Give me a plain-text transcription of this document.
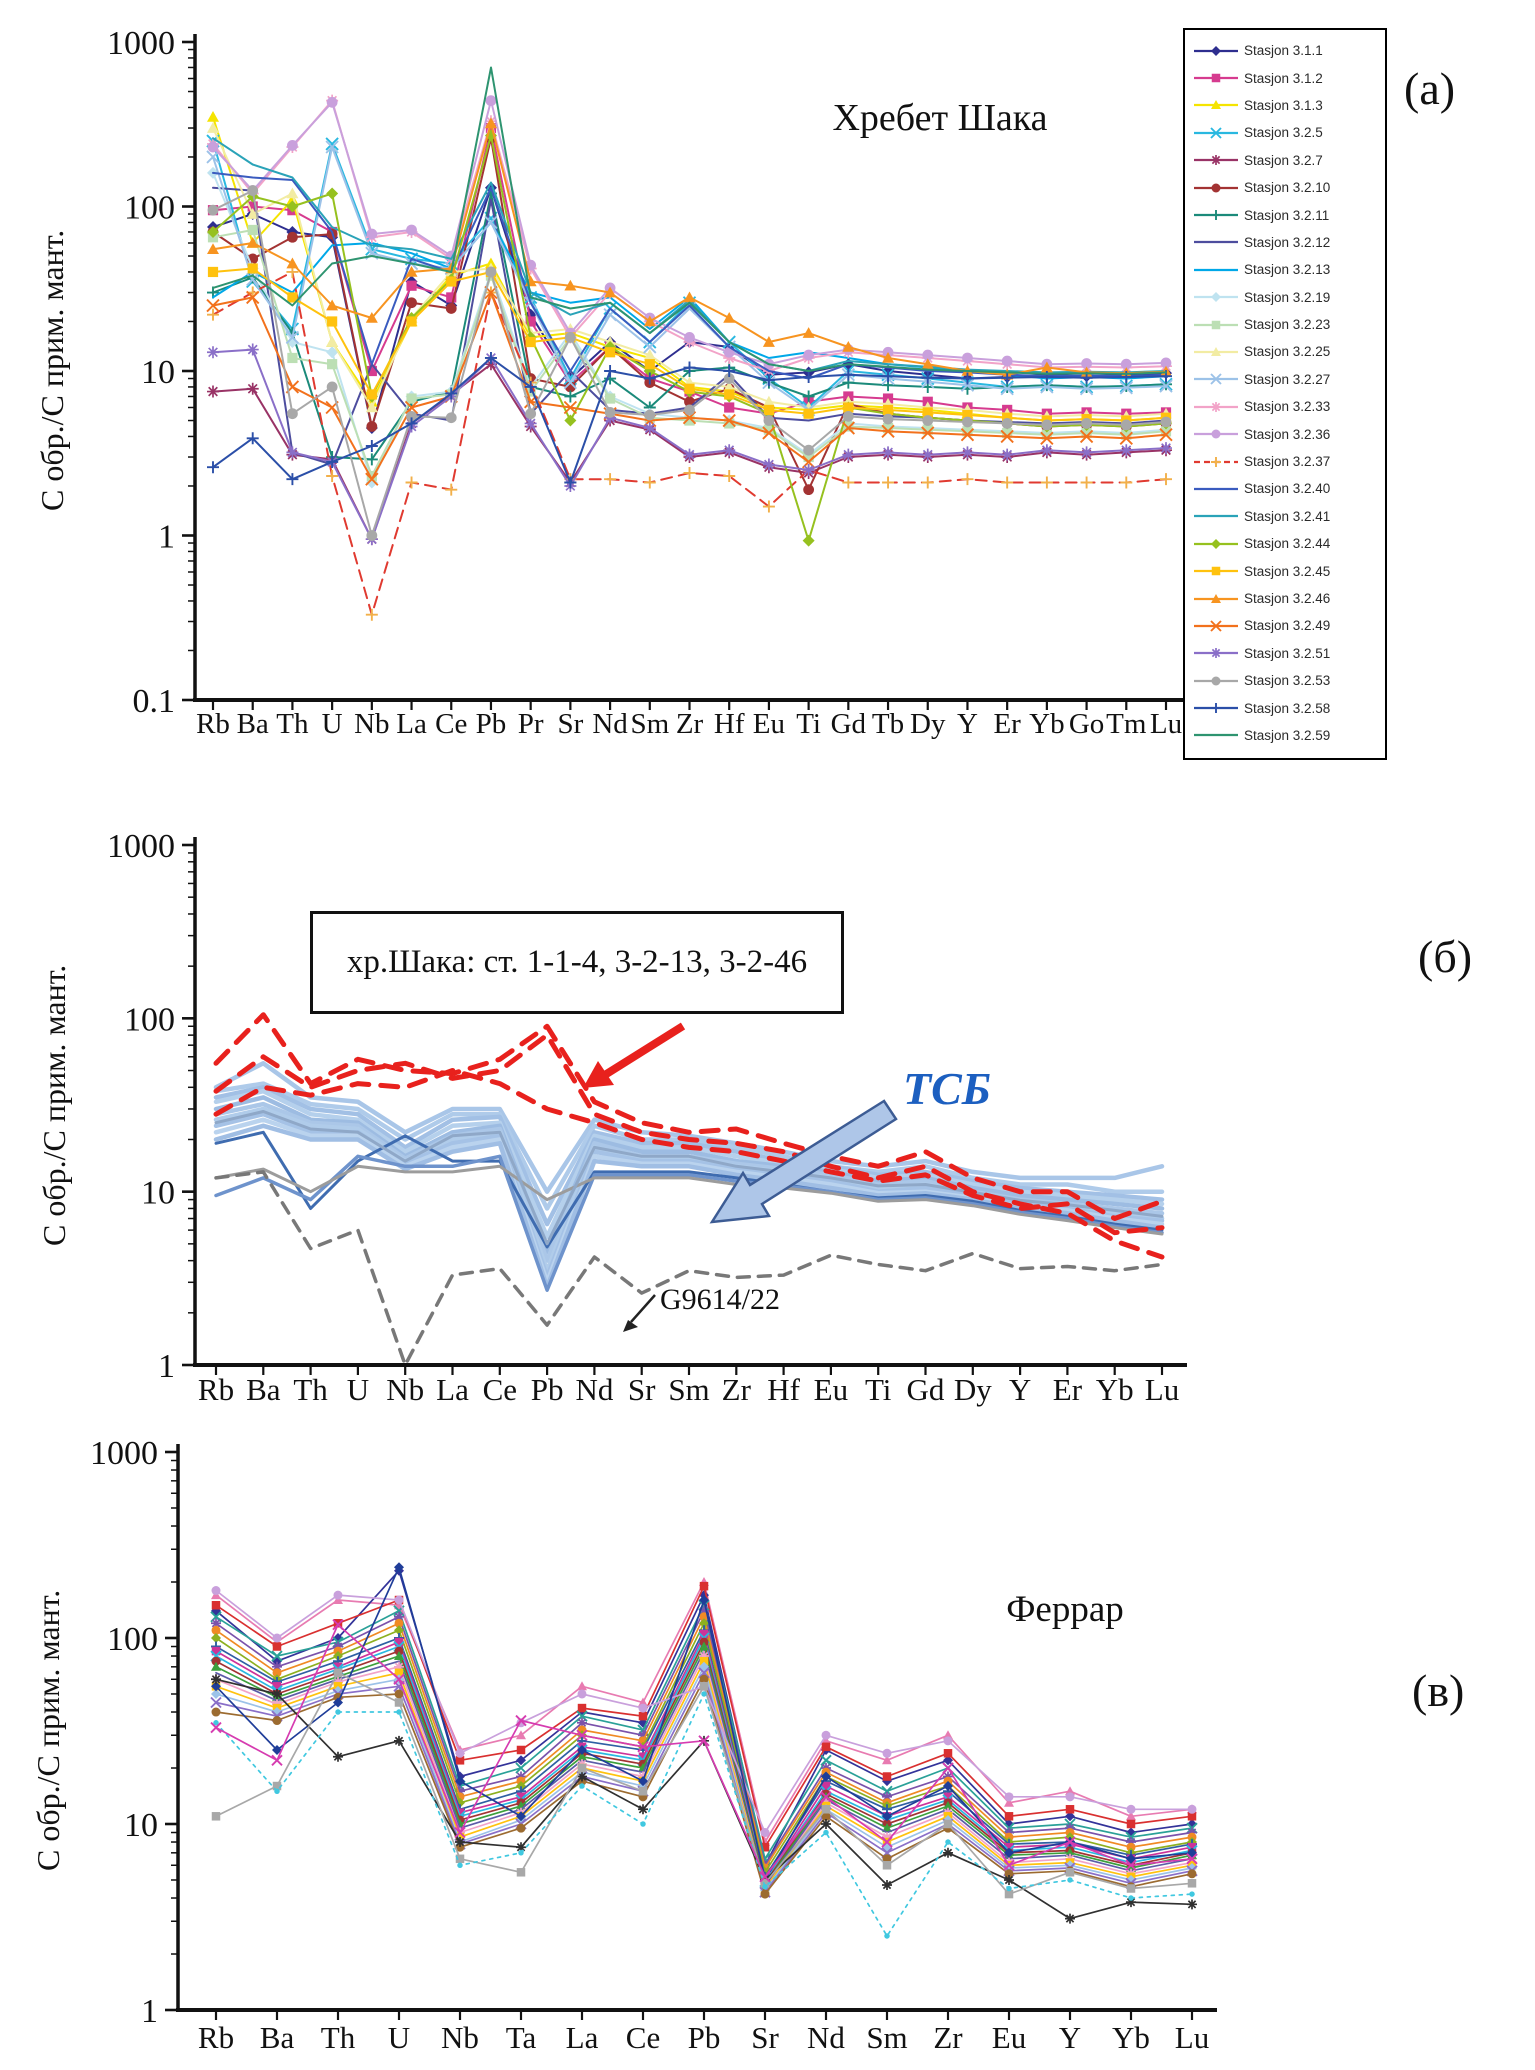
1000
100
10
1
0.1
Rb Ba Th U Nb La Ce Pb Pr Sr Nd Sm Zr Hf Eu Ti Gd Tb Dy Y Er Yb Go Tm Lu
1000
100
10
1
Rb Ba Th U Nb La Ce Pb Nd Sr Sm Zr Hf Eu Ti Gd Dy Y Er Yb Lu
1000
100
10
1
Rb Ba Th U Nb Ta La Ce Pb Sr Nd Sm Zr Eu Y Yb Lu
Хребет Шака
(а)
С обр./С прим. мант.
Stasjon 3.1.1
Stasjon 3.1.2
Stasjon 3.1.3
Stasjon 3.2.5
Stasjon 3.2.7
Stasjon 3.2.10
Stasjon 3.2.11
Stasjon 3.2.12
Stasjon 3.2.13
Stasjon 3.2.19
Stasjon 3.2.23
Stasjon 3.2.25
Stasjon 3.2.27
Stasjon 3.2.33
Stasjon 3.2.36
Stasjon 3.2.37
Stasjon 3.2.40
Stasjon 3.2.41
Stasjon 3.2.44
Stasjon 3.2.45
Stasjon 3.2.46
Stasjon 3.2.49
Stasjon 3.2.51
Stasjon 3.2.53
Stasjon 3.2.58
Stasjon 3.2.59
хр.Шака: ст. 1-1-4, 3-2-13, 3-2-46
ТСБ
G9614/22
(б)
С обр./С прим. мант.
Феррар
(в)
С обр./С прим. мант.
